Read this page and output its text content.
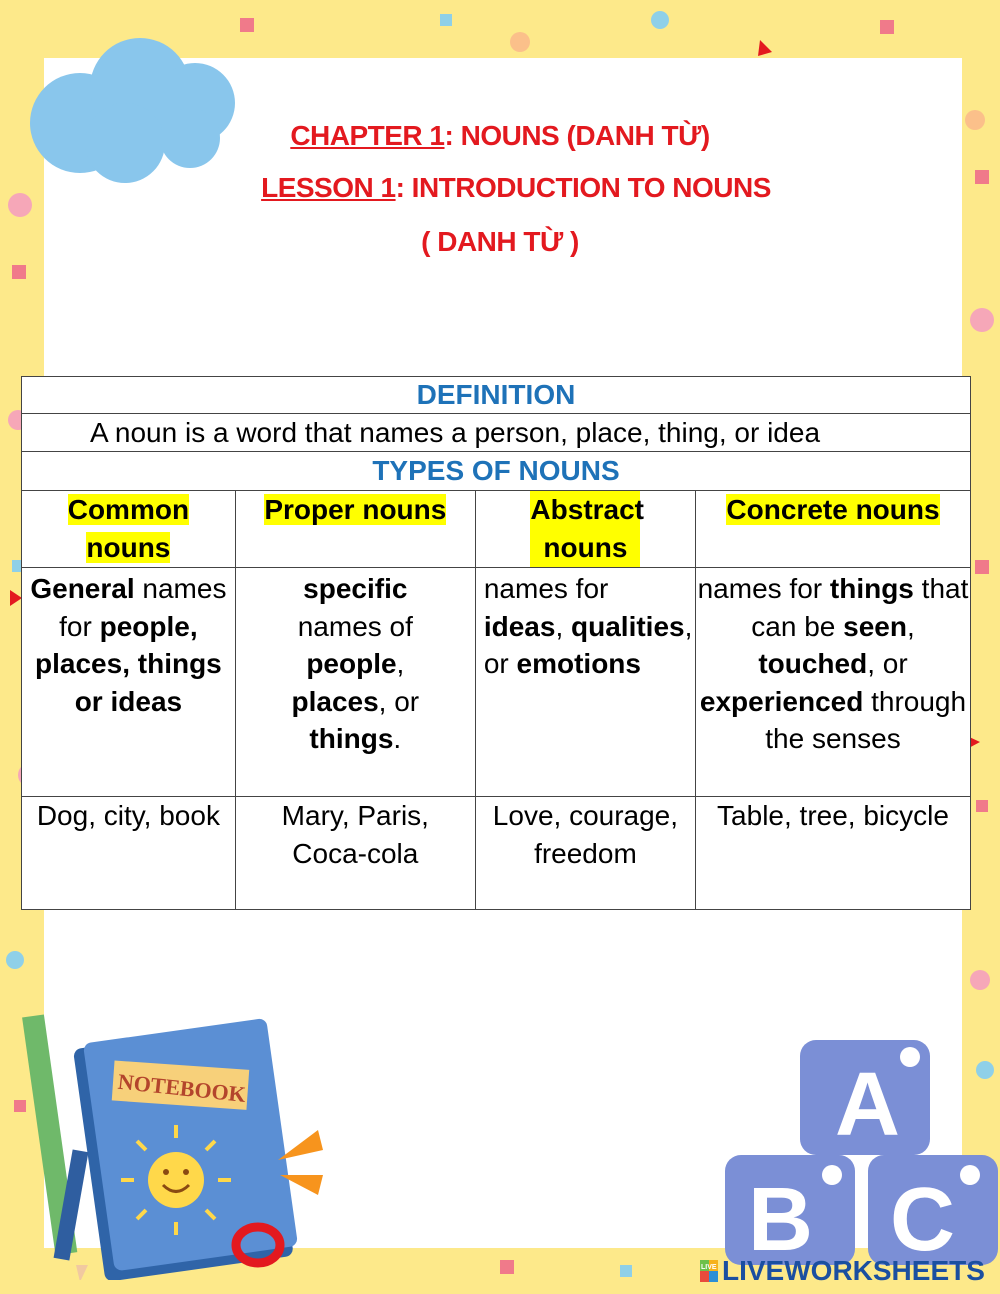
CHAPTER 1: NOUNS (DANH TỪ)
LESSON 1: INTRODUCTION TO NOUNS
( DANH TỪ )
DEFINITION			
A noun is a word that names a person, place, thing, or idea			
TYPES OF NOUNS			
Common nouns	Proper nouns	Abstract nouns	Concrete nouns
General names for people, places, things or ideas	specific names of people, places, or things.	names for ideas, qualities, or emotions	names for things that can be seen, touched, or experienced through the senses
Dog, city, book	Mary, Paris, Coca-cola	Love, courage, freedom	Table, tree, bicycle
NOTEBOOK	A
B C
LIVE LIVEWORKSHEETS
